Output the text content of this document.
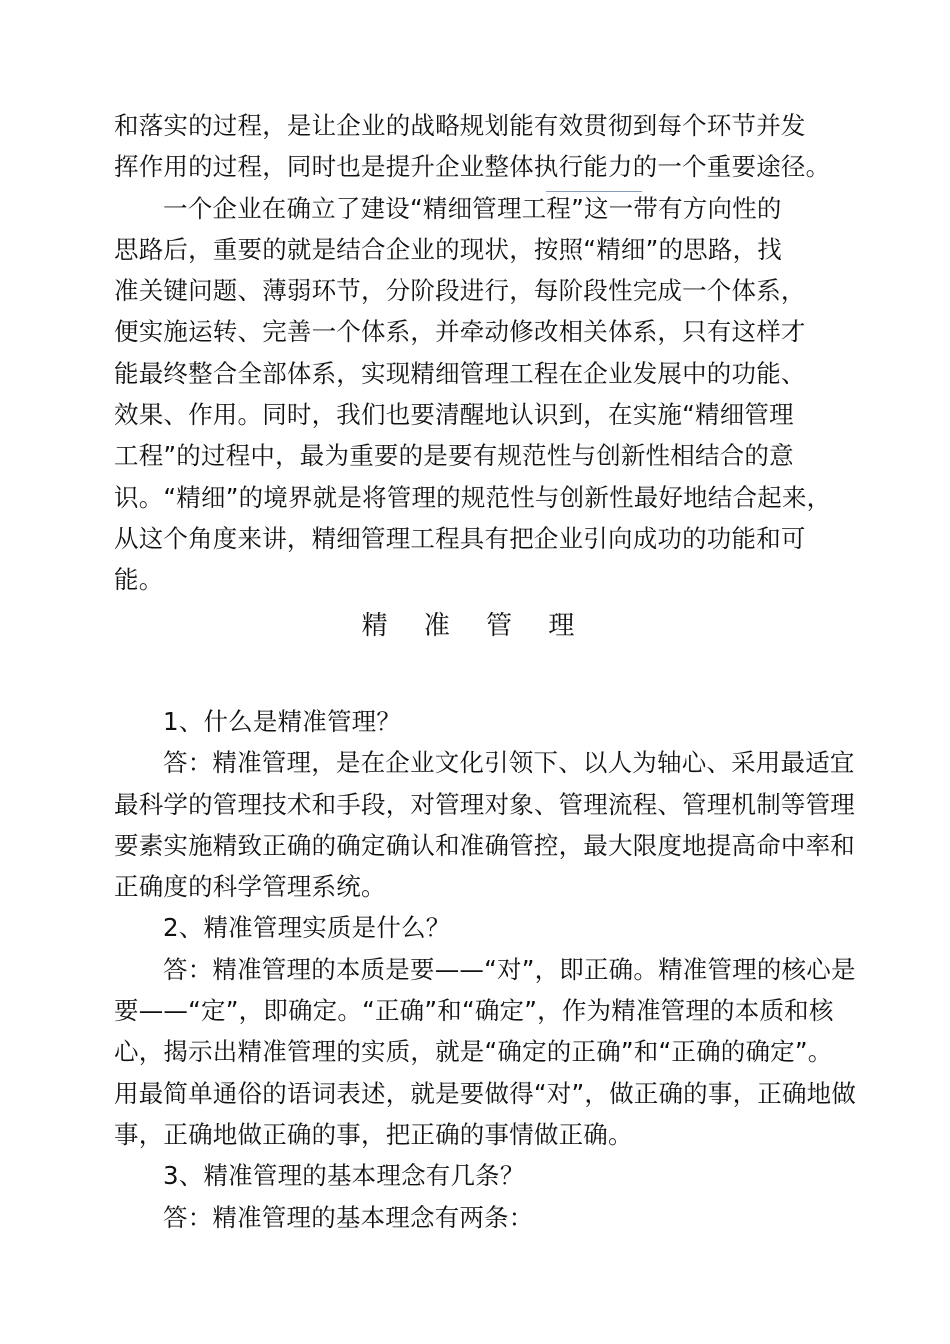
和落实的过程，是让企业的战略规划能有效贯彻到每个环节并发
挥作用的过程，同时也是提升企业整体执行能力的一个重要途径。
一个企业在确立了建设“精细管理工程”这一带有方向性的
思路后，重要的就是结合企业的现状，按照“精细”的思路，找
准关键问题、薄弱环节，分阶段进行，每阶段性完成一个体系，
便实施运转、完善一个体系，并牵动修改相关体系，只有这样才
能最终整合全部体系，实现精细管理工程在企业发展中的功能、
效果、作用。同时，我们也要清醒地认识到，在实施“精细管理
工程”的过程中，最为重要的是要有规范性与创新性相结合的意
识。“精细”的境界就是将管理的规范性与创新性最好地结合起来，
从这个角度来讲，精细管理工程具有把企业引向成功的功能和可
能。
精 准 管 理
1、什么是精准管理？
答：精准管理，是在企业文化引领下、以人为轴心、采用最适宜
最科学的管理技术和手段，对管理对象、管理流程、管理机制等管理
要素实施精致正确的确定确认和准确管控，最大限度地提高命中率和
正确度的科学管理系统。
2、精准管理实质是什么？
答：精准管理的本质是要——“对”，即正确。精准管理的核心是
要——“定”，即确定。“正确”和“确定”，作为精准管理的本质和核
心，揭示出精准管理的实质，就是“确定的正确”和“正确的确定”。
用最简单通俗的语词表述，就是要做得“对”，做正确的事，正确地做
事，正确地做正确的事，把正确的事情做正确。
3、精准管理的基本理念有几条？
答：精准管理的基本理念有两条：
